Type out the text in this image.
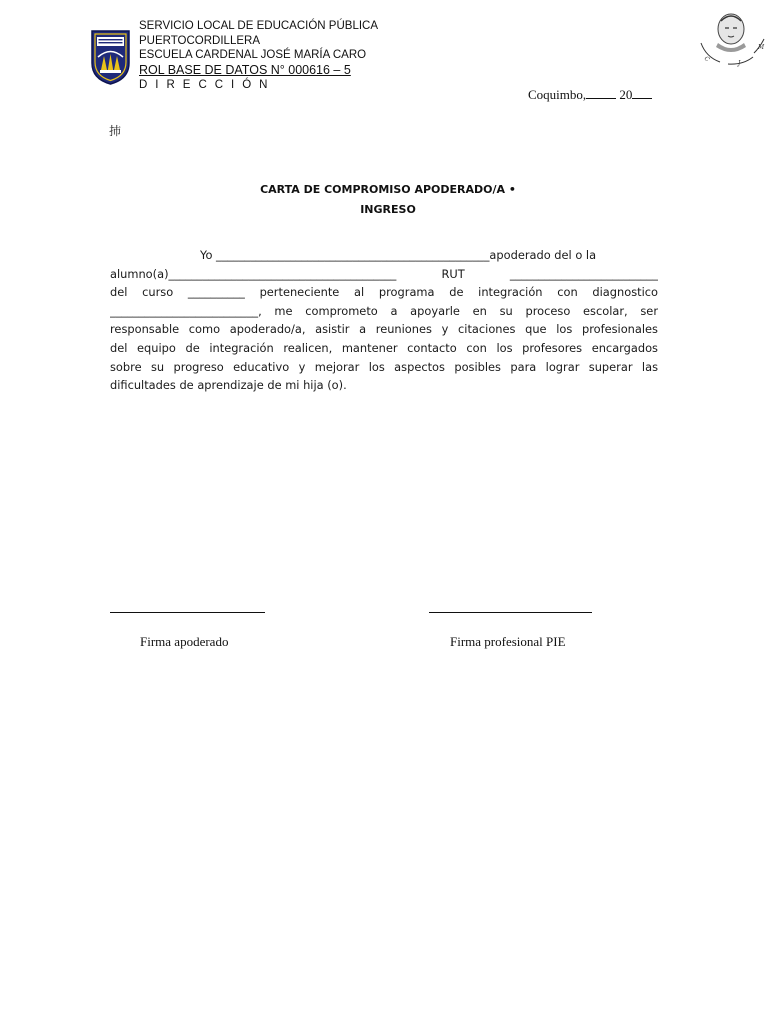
SERVICIO LOCAL DE EDUCACIÓN PÚBLICA
PUERTOCORDILLERA
ESCUELA CARDENAL JOSÉ MARÍA CARO
ROL BASE DE DATOS N° 000616 – 5
D I R E C C I Ó N
C
J
M
Coquimbo,	20
㧊
CARTA DE COMPROMISO APODERADO/A •
INGRESO
Yo ________________________________________________apoderado del o la
alumno(a)________________________________________ RUT __________________________
del curso __________ perteneciente al programa de integración con diagnostico
__________________________, me comprometo a apoyarle en su proceso escolar, ser
responsable como apoderado/a, asistir a reuniones y citaciones que los profesionales
del equipo de integración realicen, mantener contacto con los profesores encargados
sobre su progreso educativo y mejorar los aspectos posibles para lograr superar las
dificultades de aprendizaje de mi hija (o).
Firma apoderado	Firma profesional PIE
